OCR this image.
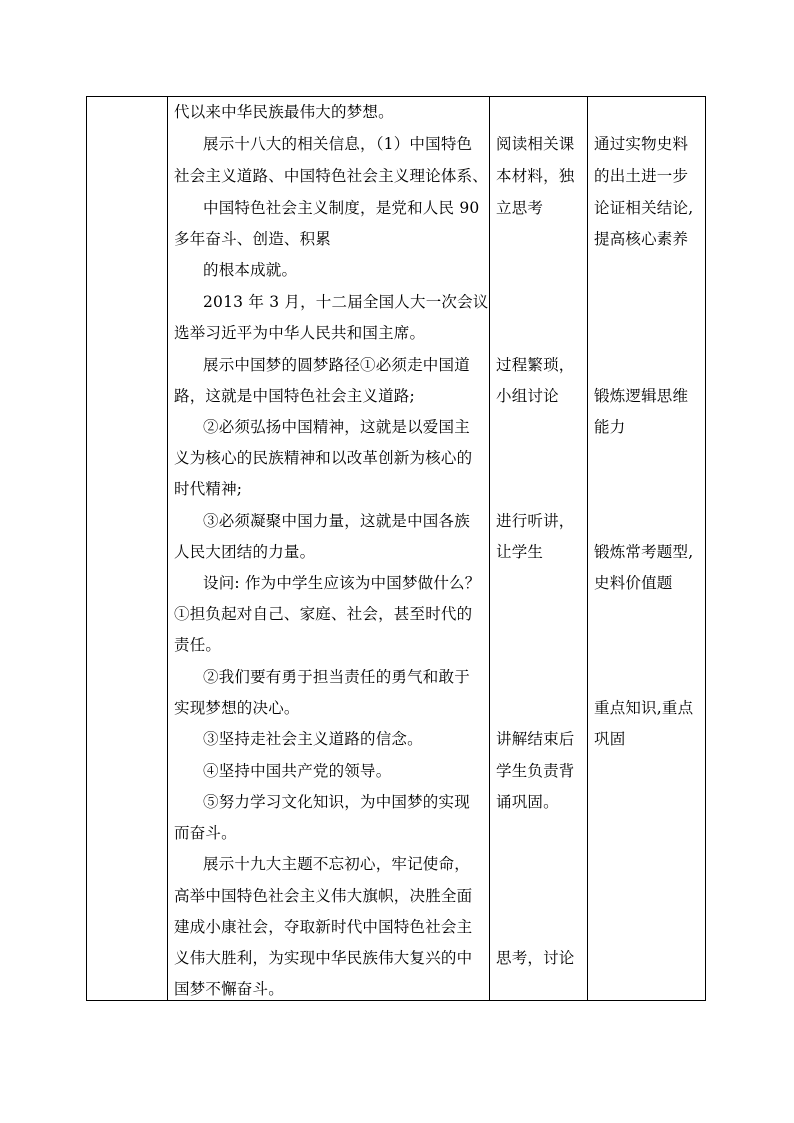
代以来中华民族最伟大的梦想。
展示十八大的相关信息，（1）中国特色
社会主义道路、中国特色社会主义理论体系、
中国特色社会主义制度，是党和人民 90
多年奋斗、创造、积累
的根本成就。
2013 年 3 月，十二届全国人大一次会议
选举习近平为中华人民共和国主席。
展示中国梦的圆梦路径①必须走中国道
路，这就是中国特色社会主义道路;
②必须弘扬中国精神，这就是以爱国主
义为核心的民族精神和以改革创新为核心的
时代精神;
③必须凝聚中国力量，这就是中国各族
人民大团结的力量。
设问: 作为中学生应该为中国梦做什么？
①担负起对自己、家庭、社会，甚至时代的
责任。
②我们要有勇于担当责任的勇气和敢于
实现梦想的决心。
③坚持走社会主义道路的信念。
④坚持中国共产党的领导。
⑤努力学习文化知识，为中国梦的实现
而奋斗。
展示十九大主题不忘初心，牢记使命，
高举中国特色社会主义伟大旗帜，决胜全面
建成小康社会，夺取新时代中国特色社会主
义伟大胜利，为实现中华民族伟大复兴的中
国梦不懈奋斗。
阅读相关课
本材料，独
立思考
过程繁琐，
小组讨论
进行听讲，
让学生
讲解结束后
学生负责背
诵巩固。
思考，讨论
通过实物史料
的出土进一步
论证相关结论,
提高核心素养
锻炼逻辑思维
能力
锻炼常考题型,
史料价值题
重点知识,重点
巩固
